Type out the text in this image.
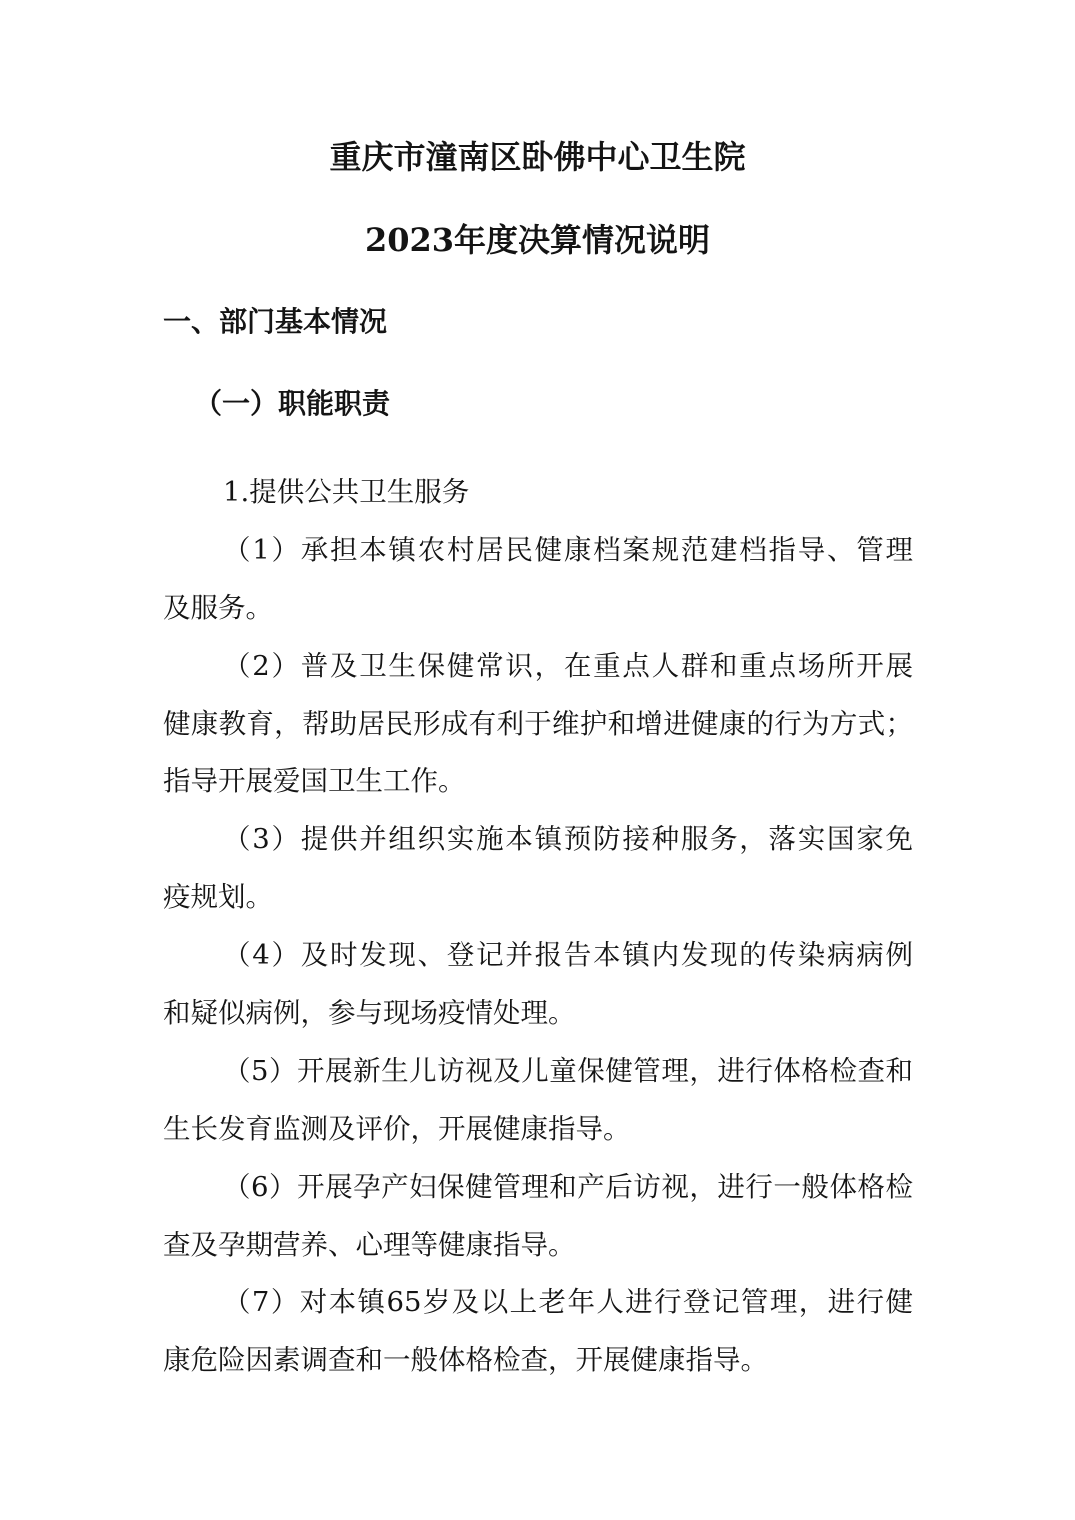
重庆市潼南区卧佛中心卫生院
2023年度决算情况说明
一、部门基本情况
（一）职能职责
1.提供公共卫生服务
（1）承担本镇农村居民健康档案规范建档指导、管理
及服务。
（2）普及卫生保健常识，在重点人群和重点场所开展
健康教育，帮助居民形成有利于维护和增进健康的行为方式；
指导开展爱国卫生工作。
（3）提供并组织实施本镇预防接种服务，落实国家免
疫规划。
（4）及时发现、登记并报告本镇内发现的传染病病例
和疑似病例，参与现场疫情处理。
（5）开展新生儿访视及儿童保健管理，进行体格检查和
生长发育监测及评价，开展健康指导。
（6）开展孕产妇保健管理和产后访视，进行一般体格检
查及孕期营养、心理等健康指导。
（7）对本镇65岁及以上老年人进行登记管理，进行健
康危险因素调查和一般体格检查，开展健康指导。
